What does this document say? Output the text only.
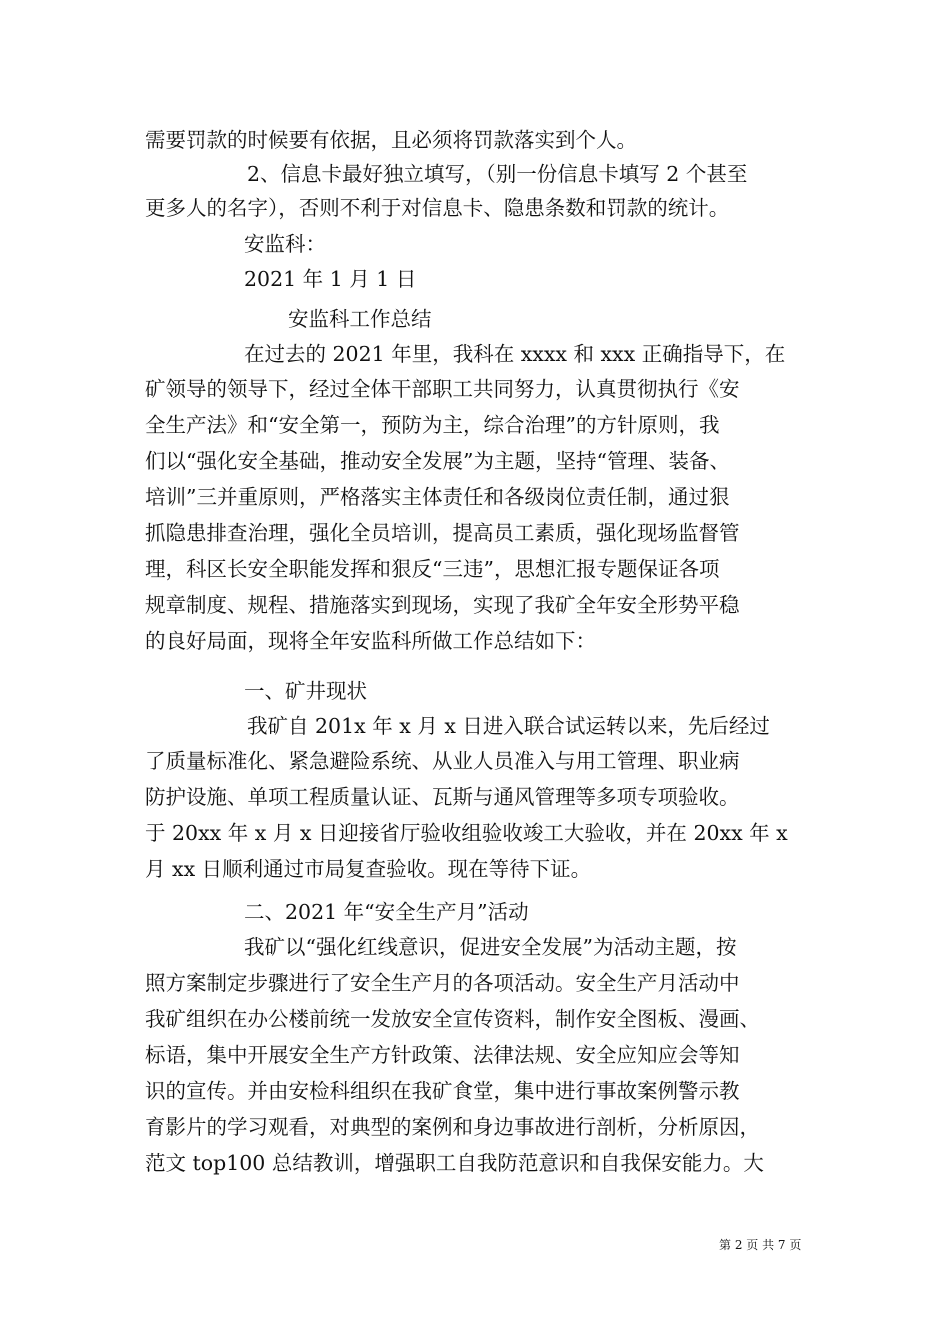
需要罚款的时候要有依据，且必须将罚款落实到个人。
2、信息卡最好独立填写，（别一份信息卡填写 2 个甚至
更多人的名字），否则不利于对信息卡、隐患条数和罚款的统计。
安监科：
2021 年 1 月 1 日
安监科工作总结
在过去的 2021 年里，我科在 xxxx 和 xxx 正确指导下，在
矿领导的领导下，经过全体干部职工共同努力，认真贯彻执行《安
全生产法》和“安全第一，预防为主，综合治理”的方针原则，我
们以“强化安全基础，推动安全发展”为主题，坚持“管理、装备、
培训”三并重原则，严格落实主体责任和各级岗位责任制，通过狠
抓隐患排查治理，强化全员培训，提高员工素质，强化现场监督管
理，科区长安全职能发挥和狠反“三违”，思想汇报专题保证各项
规章制度、规程、措施落实到现场，实现了我矿全年安全形势平稳
的良好局面，现将全年安监科所做工作总结如下：
一、矿井现状
我矿自 201x 年 x 月 x 日进入联合试运转以来，先后经过
了质量标准化、紧急避险系统、从业人员准入与用工管理、职业病
防护设施、单项工程质量认证、瓦斯与通风管理等多项专项验收。
于 20xx 年 x 月 x 日迎接省厅验收组验收竣工大验收，并在 20xx 年 x
月 xx 日顺利通过市局复查验收。现在等待下证。
二、2021 年“安全生产月”活动
我矿以“强化红线意识，促进安全发展”为活动主题，按
照方案制定步骤进行了安全生产月的各项活动。安全生产月活动中
我矿组织在办公楼前统一发放安全宣传资料，制作安全图板、漫画、
标语，集中开展安全生产方针政策、法律法规、安全应知应会等知
识的宣传。并由安检科组织在我矿食堂，集中进行事故案例警示教
育影片的学习观看，对典型的案例和身边事故进行剖析，分析原因，
范文 top100 总结教训，增强职工自我防范意识和自我保安能力。大
第 2 页 共 7 页
